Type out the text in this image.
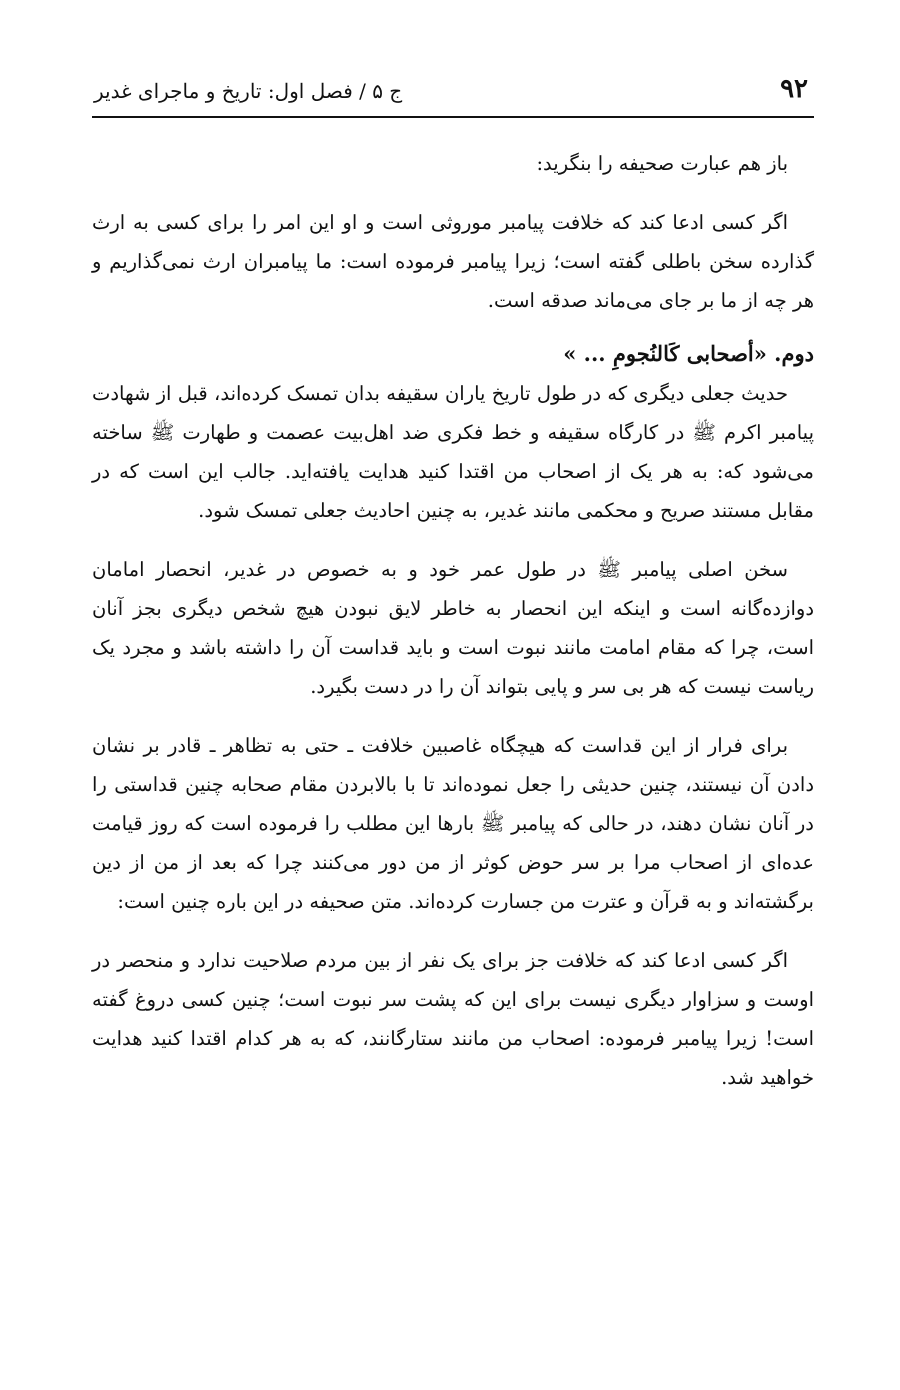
۹۲
ج ۵ / فصل اول: تاریخ و ماجرای غدیر

باز هم عبارت صحیفه را بنگرید:

اگر کسی ادعا کند که خلافت پیامبر موروثی است و او این امر را برای کسی به ارث گذارده سخن باطلی گفته است؛ زیرا پیامبر فرموده است: ما پیامبران ارث نمی‌گذاریم و هر چه از ما بر جای می‌ماند صدقه است.

دوم. «أصحابی کَالنُجومِ ... »

حدیث جعلی دیگری که در طول تاریخ یاران سقیفه بدان تمسک کرده‌اند، قبل از شهادت پیامبر اکرم ﷺ در کارگاه سقیفه و خط فکری ضد اهل‌بیت عصمت و طهارت ﷺ ساخته می‌شود که: به هر یک از اصحاب من اقتدا کنید هدایت یافته‌اید. جالب این است که در مقابل مستند صریح و محکمی مانند غدیر، به چنین احادیث جعلی تمسک شود.

سخن اصلی پیامبر ﷺ در طول عمر خود و به خصوص در غدیر، انحصار امامان دوازده‌گانه است و اینکه این انحصار به خاطر لایق نبودن هیچ شخص دیگری بجز آنان است، چرا که مقام امامت مانند نبوت است و باید قداست آن را داشته باشد و مجرد یک ریاست نیست که هر بی سر و پایی بتواند آن را در دست بگیرد.

برای فرار از این قداست که هیچگاه غاصبین خلافت ـ حتی به تظاهر ـ قادر بر نشان دادن آن نیستند، چنین حدیثی را جعل نموده‌اند تا با بالابردن مقام صحابه چنین قداستی را در آنان نشان دهند، در حالی که پیامبر ﷺ بارها این مطلب را فرموده است که روز قیامت عده‌ای از اصحاب مرا بر سر حوض کوثر از من دور می‌کنند چرا که بعد از من از دین برگشته‌اند و به قرآن و عترت من جسارت کرده‌اند. متن صحیفه در این باره چنین است:

اگر کسی ادعا کند که خلافت جز برای یک نفر از بین مردم صلاحیت ندارد و منحصر در اوست و سزاوار دیگری نیست برای این که پشت سر نبوت است؛ چنین کسی دروغ گفته است! زیرا پیامبر فرموده: اصحاب من مانند ستارگانند، که به هر کدام اقتدا کنید هدایت خواهید شد.
